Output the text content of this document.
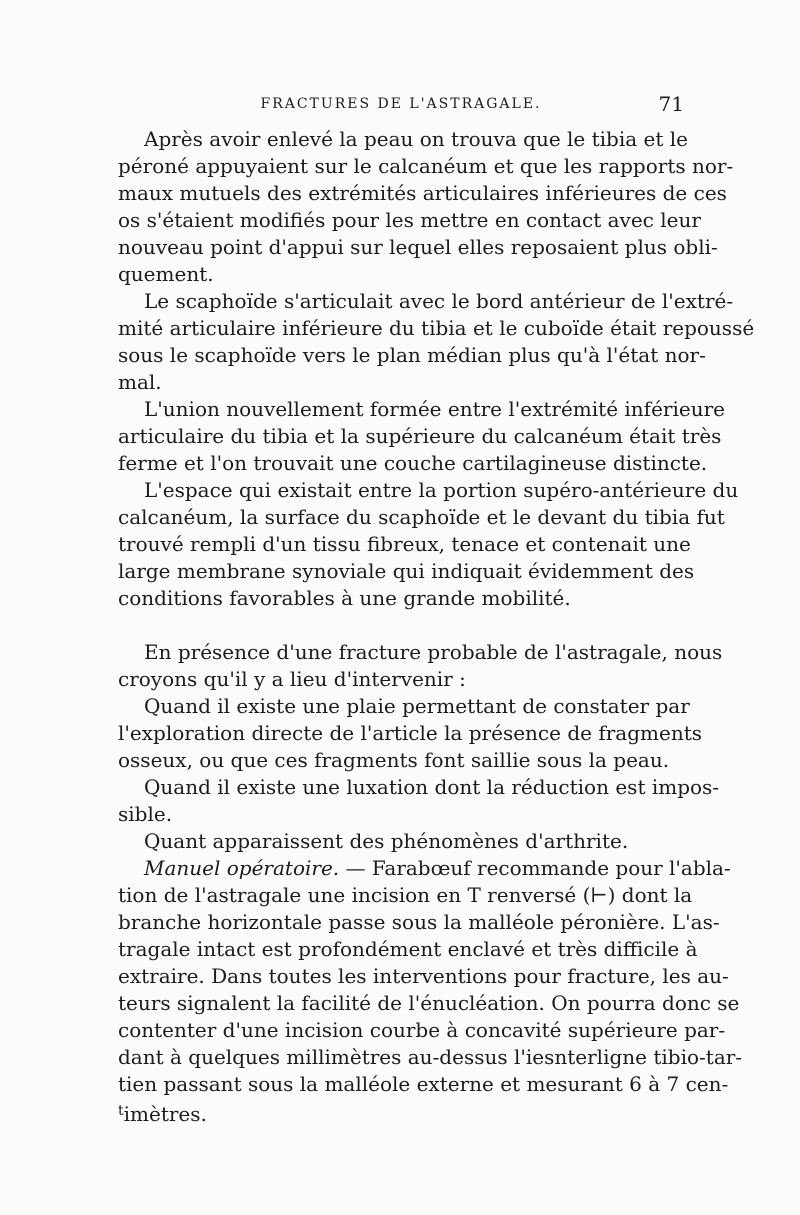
FRACTURES DE L'ASTRAGALE.	71
Après avoir enlevé la peau on trouva que le tibia et le
péroné appuyaient sur le calcanéum et que les rapports nor-
maux mutuels des extrémités articulaires inférieures de ces
os s'étaient modifiés pour les mettre en contact avec leur
nouveau point d'appui sur lequel elles reposaient plus obli-
quement.
Le scaphoïde s'articulait avec le bord antérieur de l'extré-
mité articulaire inférieure du tibia et le cuboïde était repoussé
sous le scaphoïde vers le plan médian plus qu'à l'état nor-
mal.
L'union nouvellement formée entre l'extrémité inférieure
articulaire du tibia et la supérieure du calcanéum était très
ferme et l'on trouvait une couche cartilagineuse distincte.
L'espace qui existait entre la portion supéro-antérieure du
calcanéum, la surface du scaphoïde et le devant du tibia fut
trouvé rempli d'un tissu fibreux, tenace et contenait une
large membrane synoviale qui indiquait évidemment des
conditions favorables à une grande mobilité.
En présence d'une fracture probable de l'astragale, nous
croyons qu'il y a lieu d'intervenir :
Quand il existe une plaie permettant de constater par
l'exploration directe de l'article la présence de fragments
osseux, ou que ces fragments font saillie sous la peau.
Quand il existe une luxation dont la réduction est impos-
sible.
Quant apparaissent des phénomènes d'arthrite.
Manuel opératoire. — Farabœuf recommande pour l'abla-
tion de l'astragale une incision en T renversé (⊢) dont la
branche horizontale passe sous la malléole péronière. L'as-
tragale intact est profondément enclavé et très difficile à
extraire. Dans toutes les interventions pour fracture, les au-
teurs signalent la facilité de l'énucléation. On pourra donc se
contenter d'une incision courbe à concavité supérieure par-
dant à quelques millimètres au-dessus l'iesnterligne tibio-tar-
tien passant sous la malléole externe et mesurant 6 à 7 cen-
$^t$imètres.
